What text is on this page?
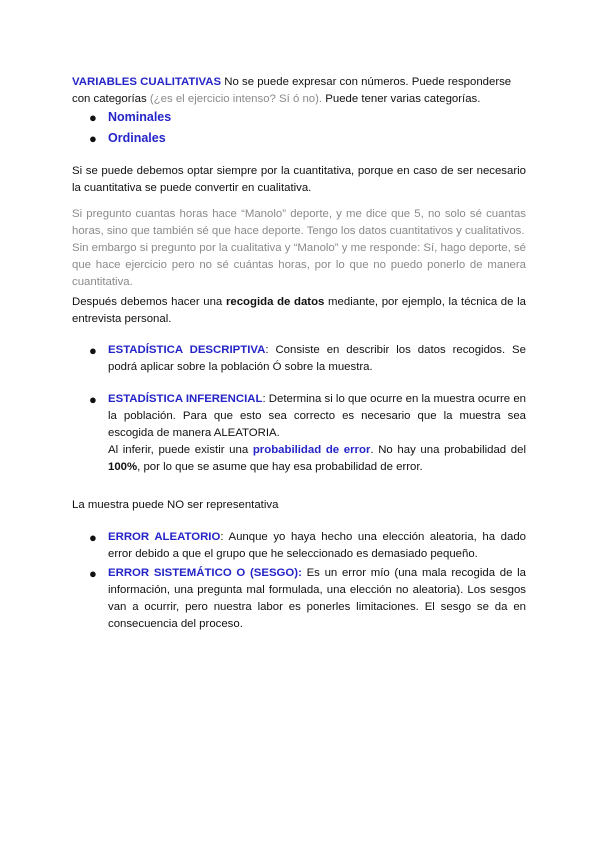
VARIABLES CUALITATIVAS No se puede expresar con números. Puede responderse con categorías (¿es el ejercicio intenso? Sí ó no). Puede tener varias categorías.

● Nominales

● Ordinales

Si se puede debemos optar siempre por la cuantitativa, porque en caso de ser necesario la cuantitativa se puede convertir en cualitativa.

Si pregunto cuantas horas hace “Manolo” deporte, y me dice que 5, no solo sé cuantas horas, sino que también sé que hace deporte. Tengo los datos cuantitativos y cualitativos.

Sin embargo si pregunto por la cualitativa y “Manolo” y me responde: Sí, hago deporte, sé que hace ejercicio pero no sé cuántas horas, por lo que no puedo ponerlo de manera cuantitativa.

Después debemos hacer una recogida de datos mediante, por ejemplo, la técnica de la entrevista personal.

● ESTADÍSTICA DESCRIPTIVA: Consiste en describir los datos recogidos. Se podrá aplicar sobre la población Ó sobre la muestra.

● ESTADÍSTICA INFERENCIAL: Determina si lo que ocurre en la muestra ocurre en la población. Para que esto sea correcto es necesario que la muestra sea escogida de manera ALEATORIA.

Al inferir, puede existir una probabilidad de error. No hay una probabilidad del 100%, por lo que se asume que hay esa probabilidad de error.

La muestra puede NO ser representativa

● ERROR ALEATORIO: Aunque yo haya hecho una elección aleatoria, ha dado error debido a que el grupo que he seleccionado es demasiado pequeño.

● ERROR SISTEMÁTICO O (SESGO): Es un error mío (una mala recogida de la información, una pregunta mal formulada, una elección no aleatoria). Los sesgos van a ocurrir, pero nuestra labor es ponerles limitaciones. El sesgo se da en consecuencia del proceso.
